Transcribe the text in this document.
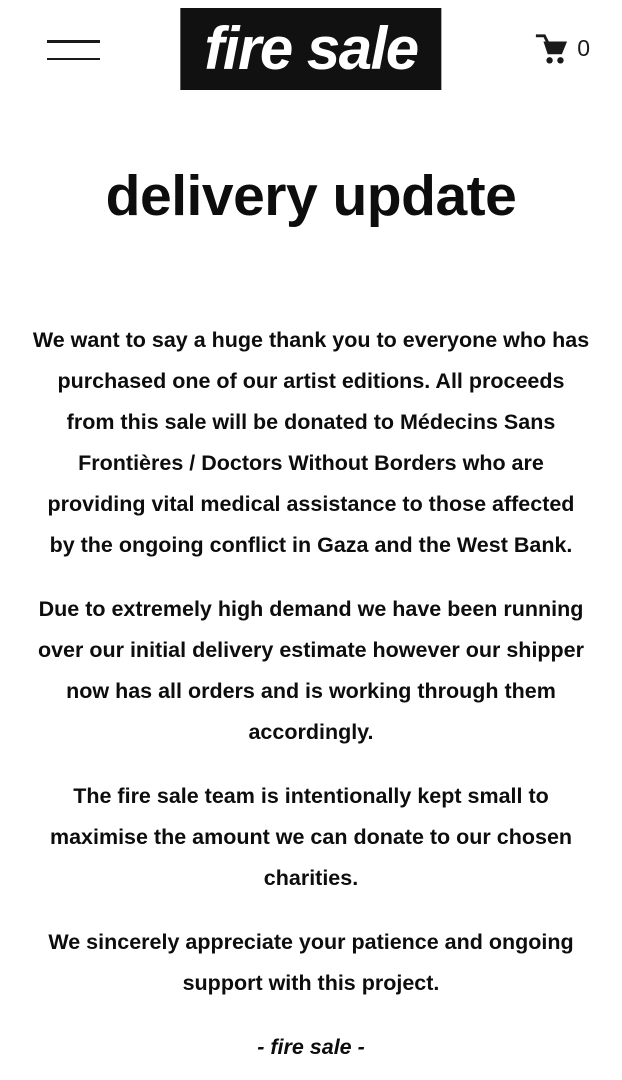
fire sale	0
delivery update

We want to say a huge thank you to everyone who has
purchased one of our artist editions. All proceeds
from this sale will be donated to Médecins Sans
Frontières / Doctors Without Borders who are
providing vital medical assistance to those affected
by the ongoing conflict in Gaza and the West Bank.

Due to extremely high demand we have been running
over our initial delivery estimate however our shipper
now has all orders and is working through them
accordingly.

The fire sale team is intentionally kept small to
maximise the amount we can donate to our chosen
charities.

We sincerely appreciate your patience and ongoing
support with this project.

- fire sale -
